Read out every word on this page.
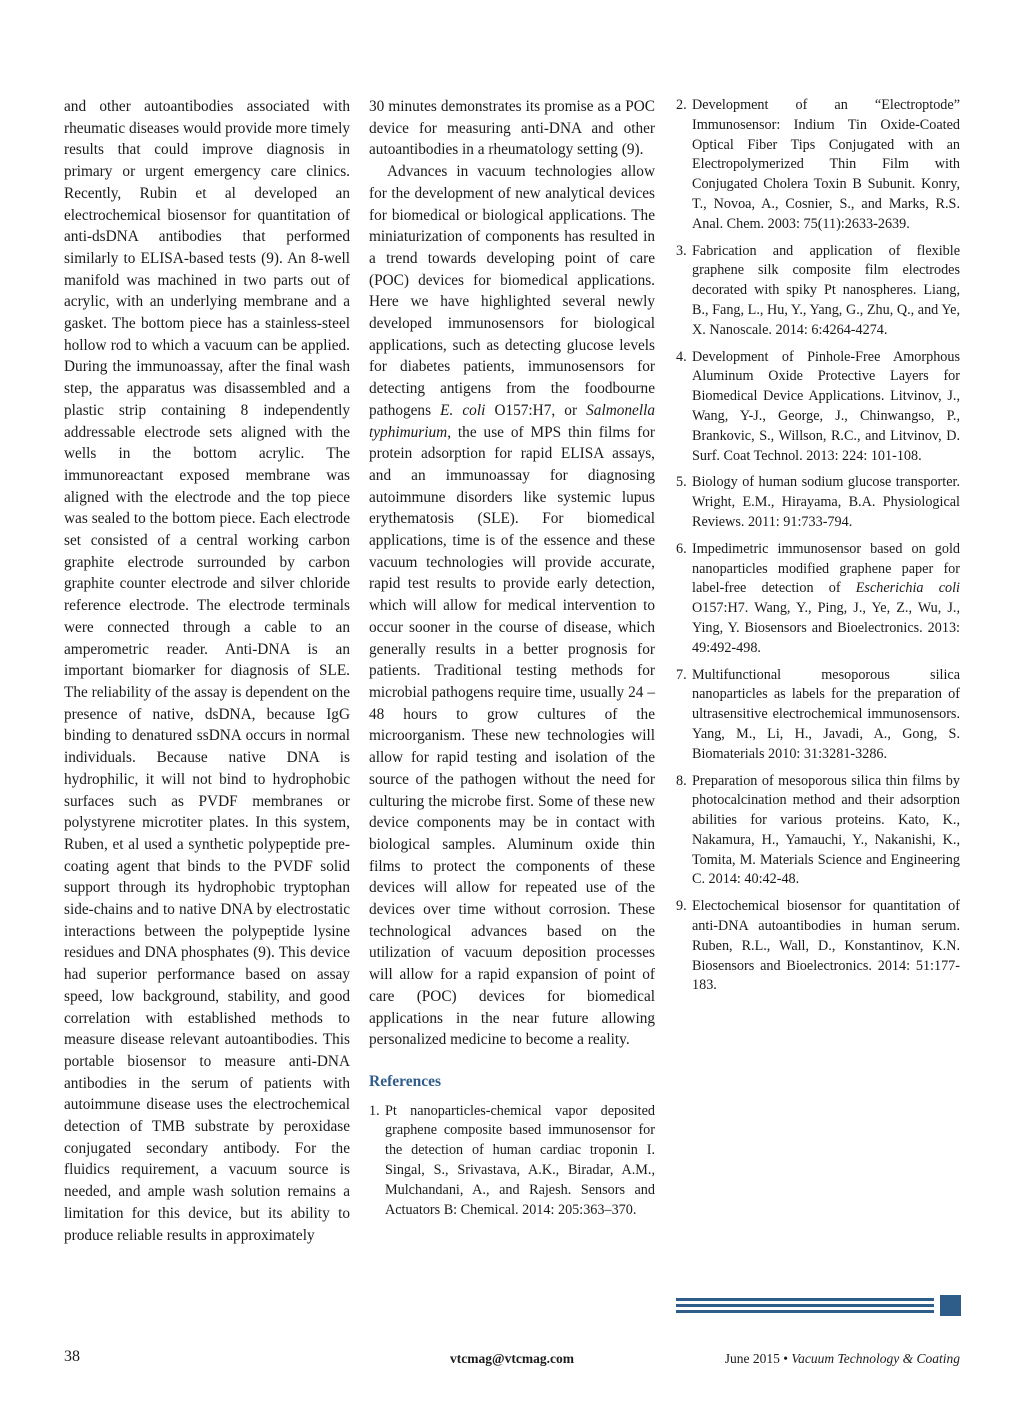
and other autoantibodies associated with rheumatic diseases would provide more timely results that could improve diagnosis in primary or urgent emergency care clinics. Recently, Rubin et al developed an electrochemical biosensor for quantitation of anti-dsDNA antibodies that performed similarly to ELISA-based tests (9). An 8-well manifold was machined in two parts out of acrylic, with an underlying membrane and a gasket. The bottom piece has a stainless-steel hollow rod to which a vacuum can be applied. During the immunoassay, after the final wash step, the apparatus was disassembled and a plastic strip containing 8 independently addressable electrode sets aligned with the wells in the bottom acrylic. The immunoreactant exposed membrane was aligned with the electrode and the top piece was sealed to the bottom piece. Each electrode set consisted of a central working carbon graphite electrode surrounded by carbon graphite counter electrode and silver chloride reference electrode. The electrode terminals were connected through a cable to an amperometric reader. Anti-DNA is an important biomarker for diagnosis of SLE. The reliability of the assay is dependent on the presence of native, dsDNA, because IgG binding to denatured ssDNA occurs in normal individuals. Because native DNA is hydrophilic, it will not bind to hydrophobic surfaces such as PVDF membranes or polystyrene microtiter plates. In this system, Ruben, et al used a synthetic polypeptide pre-coating agent that binds to the PVDF solid support through its hydrophobic tryptophan side-chains and to native DNA by electrostatic interactions between the polypeptide lysine residues and DNA phosphates (9). This device had superior performance based on assay speed, low background, stability, and good correlation with established methods to measure disease relevant autoantibodies. This portable biosensor to measure anti-DNA antibodies in the serum of patients with autoimmune disease uses the electrochemical detection of TMB substrate by peroxidase conjugated secondary antibody. For the fluidics requirement, a vacuum source is needed, and ample wash solution remains a limitation for this device, but its ability to produce reliable results in approximately

30 minutes demonstrates its promise as a POC device for measuring anti-DNA and other autoantibodies in a rheumatology setting (9).

Advances in vacuum technologies allow for the development of new analytical devices for biomedical or biological applications. The miniaturization of components has resulted in a trend towards developing point of care (POC) devices for biomedical applications. Here we have highlighted several newly developed immunosensors for biological applications, such as detecting glucose levels for diabetes patients, immunosensors for detecting antigens from the foodbourne pathogens E. coli O157:H7, or Salmonella typhimurium, the use of MPS thin films for protein adsorption for rapid ELISA assays, and an immunoassay for diagnosing autoimmune disorders like systemic lupus erythematosis (SLE). For biomedical applications, time is of the essence and these vacuum technologies will provide accurate, rapid test results to provide early detection, which will allow for medical intervention to occur sooner in the course of disease, which generally results in a better prognosis for patients. Traditional testing methods for microbial pathogens require time, usually 24 – 48 hours to grow cultures of the microorganism. These new technologies will allow for rapid testing and isolation of the source of the pathogen without the need for culturing the microbe first. Some of these new device components may be in contact with biological samples. Aluminum oxide thin films to protect the components of these devices will allow for repeated use of the devices over time without corrosion. These technological advances based on the utilization of vacuum deposition processes will allow for a rapid expansion of point of care (POC) devices for biomedical applications in the near future allowing personalized medicine to become a reality.

References
1. Pt nanoparticles-chemical vapor deposited graphene composite based immunosensor for the detection of human cardiac troponin I. Singal, S., Srivastava, A.K., Biradar, A.M., Mulchandani, A., and Rajesh. Sensors and Actuators B: Chemical. 2014: 205:363–370.
2. Development of an “Electroptode” Immunosensor: Indium Tin Oxide-Coated Optical Fiber Tips Conjugated with an Electropolymerized Thin Film with Conjugated Cholera Toxin B Subunit. Konry, T., Novoa, A., Cosnier, S., and Marks, R.S. Anal. Chem. 2003: 75(11):2633-2639.
3. Fabrication and application of flexible graphene silk composite film electrodes decorated with spiky Pt nanospheres. Liang, B., Fang, L., Hu, Y., Yang, G., Zhu, Q., and Ye, X. Nanoscale. 2014: 6:4264-4274.
4. Development of Pinhole-Free Amorphous Aluminum Oxide Protective Layers for Biomedical Device Applications. Litvinov, J., Wang, Y-J., George, J., Chinwangso, P., Brankovic, S., Willson, R.C., and Litvinov, D. Surf. Coat Technol. 2013: 224: 101-108.
5. Biology of human sodium glucose transporter. Wright, E.M., Hirayama, B.A. Physiological Reviews. 2011: 91:733-794.
6. Impedimetric immunosensor based on gold nanoparticles modified graphene paper for label-free detection of Escherichia coli O157:H7. Wang, Y., Ping, J., Ye, Z., Wu, J., Ying, Y. Biosensors and Bioelectronics. 2013: 49:492-498.
7. Multifunctional mesoporous silica nanoparticles as labels for the preparation of ultrasensitive electrochemical immunosensors. Yang, M., Li, H., Javadi, A., Gong, S. Biomaterials 2010: 31:3281-3286.
8. Preparation of mesoporous silica thin films by photocalcination method and their adsorption abilities for various proteins. Kato, K., Nakamura, H., Yamauchi, Y., Nakanishi, K., Tomita, M. Materials Science and Engineering C. 2014: 40:42-48.
9. Electochemical biosensor for quantitation of anti-DNA autoantibodies in human serum. Ruben, R.L., Wall, D., Konstantinov, K.N. Biosensors and Bioelectronics. 2014: 51:177-183.
38	vtcmag@vtcmag.com	June 2015 • Vacuum Technology & Coating
